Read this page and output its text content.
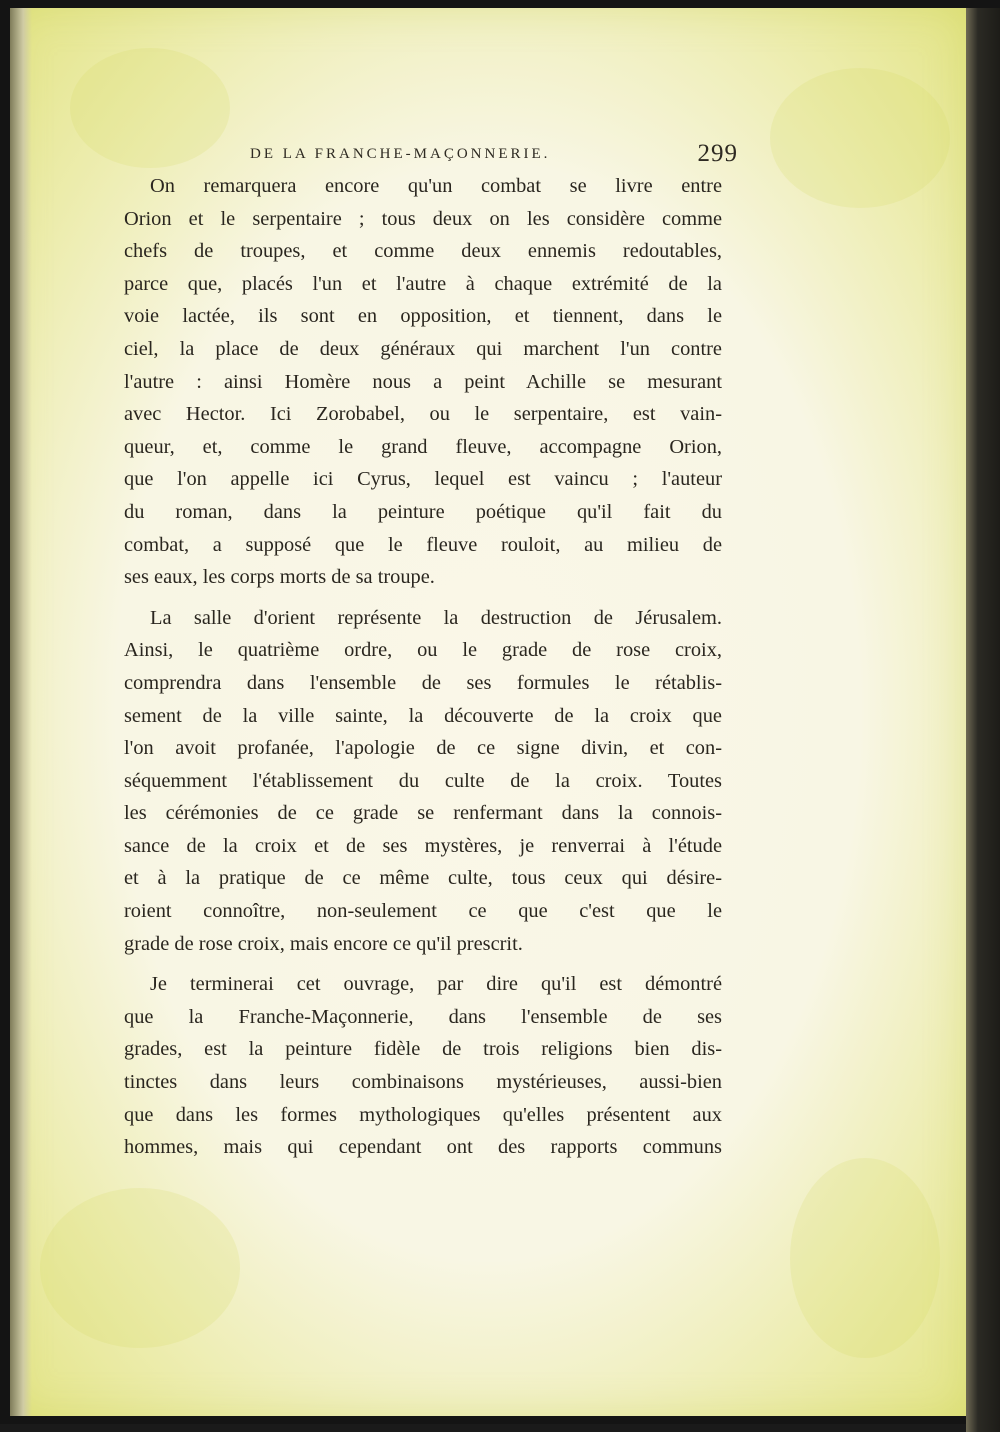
DE LA FRANCHE-MAÇONNERIE.	299
On remarquera encore qu'un combat se livre entre
Orion et le serpentaire ; tous deux on les considère comme
chefs de troupes, et comme deux ennemis redoutables,
parce que, placés l'un et l'autre à chaque extrémité de la
voie lactée, ils sont en opposition, et tiennent, dans le
ciel, la place de deux généraux qui marchent l'un contre
l'autre : ainsi Homère nous a peint Achille se mesurant
avec Hector. Ici Zorobabel, ou le serpentaire, est vain-
queur, et, comme le grand fleuve, accompagne Orion,
que l'on appelle ici Cyrus, lequel est vaincu ; l'auteur
du roman, dans la peinture poétique qu'il fait du
combat, a supposé que le fleuve rouloit, au milieu de
ses eaux, les corps morts de sa troupe.
La salle d'orient représente la destruction de Jérusalem.
Ainsi, le quatrième ordre, ou le grade de rose croix,
comprendra dans l'ensemble de ses formules le rétablis-
sement de la ville sainte, la découverte de la croix que
l'on avoit profanée, l'apologie de ce signe divin, et con-
séquemment l'établissement du culte de la croix. Toutes
les cérémonies de ce grade se renfermant dans la connois-
sance de la croix et de ses mystères, je renverrai à l'étude
et à la pratique de ce même culte, tous ceux qui désire-
roient connoître, non-seulement ce que c'est que le
grade de rose croix, mais encore ce qu'il prescrit.
Je terminerai cet ouvrage, par dire qu'il est démontré
que la Franche-Maçonnerie, dans l'ensemble de ses
grades, est la peinture fidèle de trois religions bien dis-
tinctes dans leurs combinaisons mystérieuses, aussi-bien
que dans les formes mythologiques qu'elles présentent aux
hommes, mais qui cependant ont des rapports communs
